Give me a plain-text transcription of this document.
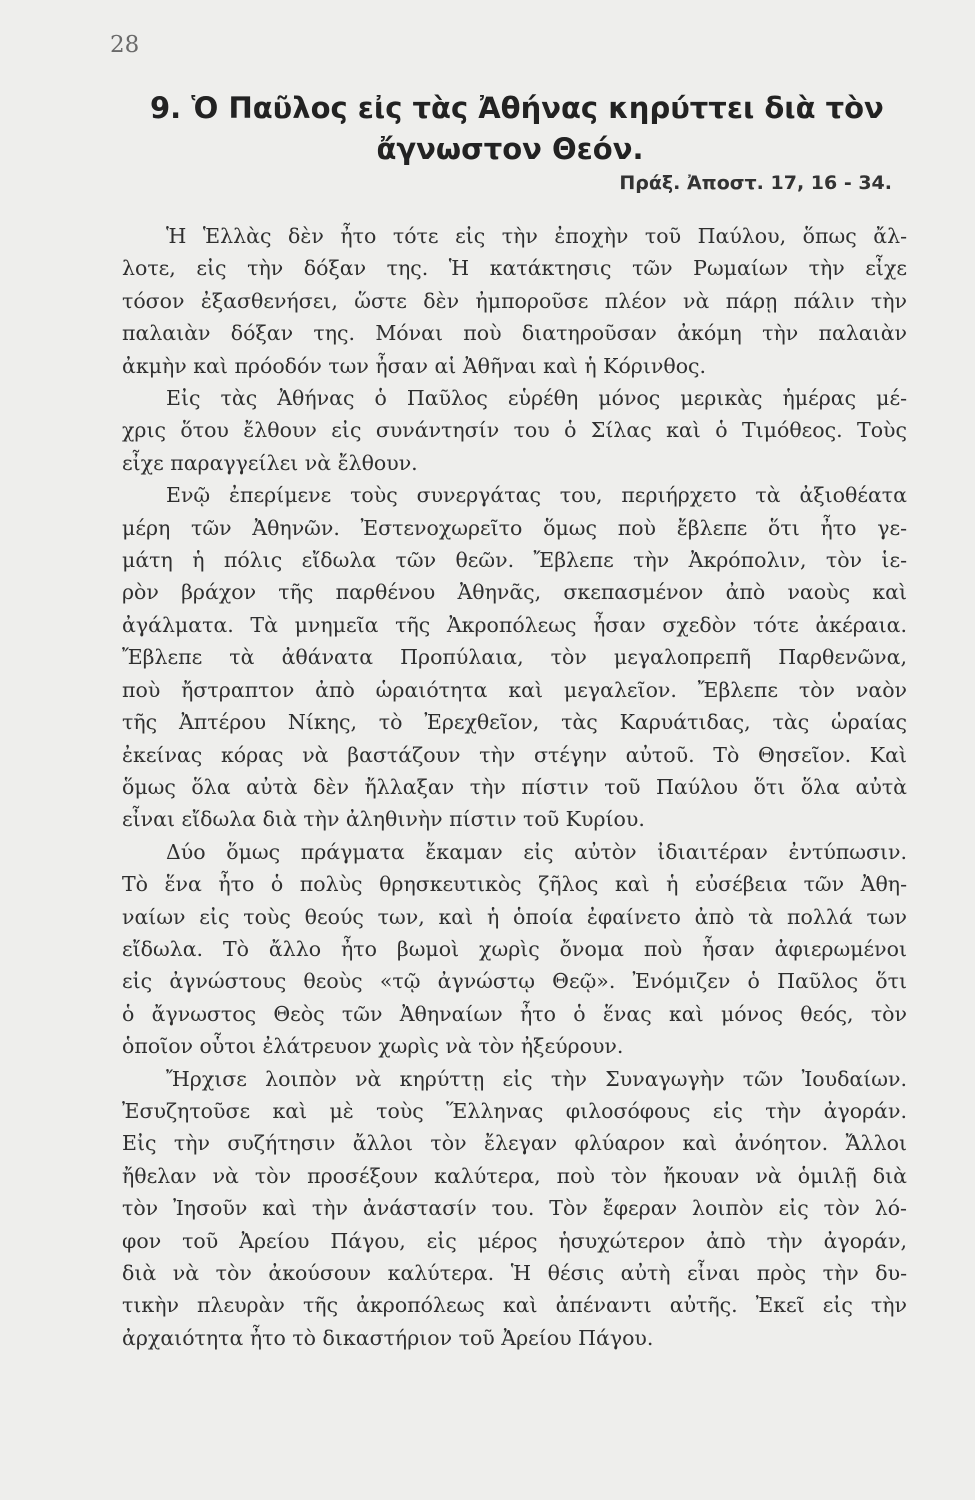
28
9. Ὁ Παῦλος εἰς τὰς Ἀθήνας κηρύττει διὰ τὸν
ἄγνωστον Θεόν.
Πράξ. Ἀποστ. 17, 16 - 34.
Ἡ Ἑλλὰς δὲν ἦτο τότε εἰς τὴν ἐποχὴν τοῦ Παύλου, ὅπως ἄλ-
λοτε, εἰς τὴν δόξαν της. Ἡ κατάκτησις τῶν Ρωμαίων τὴν εἶχε
τόσον ἐξασθενήσει, ὥστε δὲν ἠμποροῦσε πλέον νὰ πάρῃ πάλιν τὴν
παλαιὰν δόξαν της. Μόναι ποὺ διατηροῦσαν ἀκόμη τὴν παλαιὰν
ἀκμὴν καὶ πρόοδόν των ἦσαν αἱ Ἀθῆναι καὶ ἡ Κόρινθος.
Εἰς τὰς Ἀθήνας ὁ Παῦλος εὑρέθη μόνος μερικὰς ἡμέρας μέ-
χρις ὅτου ἔλθουν εἰς συνάντησίν του ὁ Σίλας καὶ ὁ Τιμόθεος. Τοὺς
εἶχε παραγγείλει νὰ ἔλθουν.
Ενῷ ἐπερίμενε τοὺς συνεργάτας του, περιήρχετο τὰ ἀξιοθέατα
μέρη τῶν Ἀθηνῶν. Ἐστενοχωρεῖτο ὅμως ποὺ ἔβλεπε ὅτι ἦτο γε-
μάτη ἡ πόλις εἴδωλα τῶν θεῶν. Ἔβλεπε τὴν Ἀκρόπολιν, τὸν ἱε-
ρὸν βράχον τῆς παρθένου Ἀθηνᾶς, σκεπασμένον ἀπὸ ναοὺς καὶ
ἀγάλματα. Τὰ μνημεῖα τῆς Ἀκροπόλεως ἦσαν σχεδὸν τότε ἀκέραια.
Ἔβλεπε τὰ ἀθάνατα Προπύλαια, τὸν μεγαλοπρεπῆ Παρθενῶνα,
ποὺ ἤστραπτον ἀπὸ ὡραιότητα καὶ μεγαλεῖον. Ἔβλεπε τὸν ναὸν
τῆς Ἀπτέρου Νίκης, τὸ Ἐρεχθεῖον, τὰς Καρυάτιδας, τὰς ὡραίας
ἐκείνας κόρας νὰ βαστάζουν τὴν στέγην αὐτοῦ. Τὸ Θησεῖον. Καὶ
ὅμως ὅλα αὐτὰ δὲν ἤλλαξαν τὴν πίστιν τοῦ Παύλου ὅτι ὅλα αὐτὰ
εἶναι εἴδωλα διὰ τὴν ἀληθινὴν πίστιν τοῦ Κυρίου.
Δύο ὅμως πράγματα ἔκαμαν εἰς αὐτὸν ἰδιαιτέραν ἐντύπωσιν.
Τὸ ἕνα ἦτο ὁ πολὺς θρησκευτικὸς ζῆλος καὶ ἡ εὐσέβεια τῶν Ἀθη-
ναίων εἰς τοὺς θεούς των, καὶ ἡ ὁποία ἐφαίνετο ἀπὸ τὰ πολλά των
εἴδωλα. Τὸ ἄλλο ἦτο βωμοὶ χωρὶς ὄνομα ποὺ ἦσαν ἀφιερωμένοι
εἰς ἀγνώστους θεοὺς «τῷ ἀγνώστῳ Θεῷ». Ἐνόμιζεν ὁ Παῦλος ὅτι
ὁ ἄγνωστος Θεὸς τῶν Ἀθηναίων ἦτο ὁ ἕνας καὶ μόνος θεός, τὸν
ὁποῖον οὗτοι ἐλάτρευον χωρὶς νὰ τὸν ἠξεύρουν.
Ἤρχισε λοιπὸν νὰ κηρύττῃ εἰς τὴν Συναγωγὴν τῶν Ἰουδαίων.
Ἐσυζητοῦσε καὶ μὲ τοὺς Ἕλληνας φιλοσόφους εἰς τὴν ἀγοράν.
Εἰς τὴν συζήτησιν ἄλλοι τὸν ἔλεγαν φλύαρον καὶ ἀνόητον. Ἄλλοι
ἤθελαν νὰ τὸν προσέξουν καλύτερα, ποὺ τὸν ἤκουαν νὰ ὁμιλῇ διὰ
τὸν Ἰησοῦν καὶ τὴν ἀνάστασίν του. Τὸν ἔφεραν λοιπὸν εἰς τὸν λό-
φον τοῦ Ἀρείου Πάγου, εἰς μέρος ἡσυχώτερον ἀπὸ τὴν ἀγοράν,
διὰ νὰ τὸν ἀκούσουν καλύτερα. Ἡ θέσις αὐτὴ εἶναι πρὸς τὴν δυ-
τικὴν πλευρὰν τῆς ἀκροπόλεως καὶ ἀπέναντι αὐτῆς. Ἐκεῖ εἰς τὴν
ἀρχαιότητα ἦτο τὸ δικαστήριον τοῦ Ἀρείου Πάγου.
